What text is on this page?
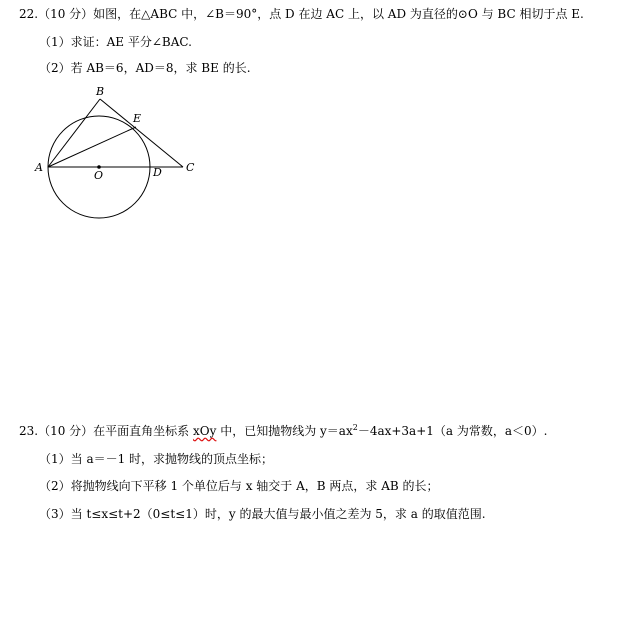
22.（10 分）如图，在△ABC 中，∠B＝90°，点 D 在边 AC 上，以 AD 为直径的⊙O 与 BC 相切于点 E.
（1）求证：AE 平分∠BAC.
（2）若 AB＝6，AD＝8，求 BE 的长.
B
E
A
O	D C
23.（10 分）在平面直角坐标系 xOy 中，已知抛物线为 $y=ax^2-4ax+3a+1(a$ 为常数，a＜0）.
（1）当 a＝－1 时，求抛物线的顶点坐标；
（2）将抛物线向下平移 1 个单位后与 x 轴交于 A，B 两点，求 AB 的长；
（3）当 t≤x≤t+2（0≤t≤1）时，y 的最大值与最小值之差为 5，求 a 的取值范围.
